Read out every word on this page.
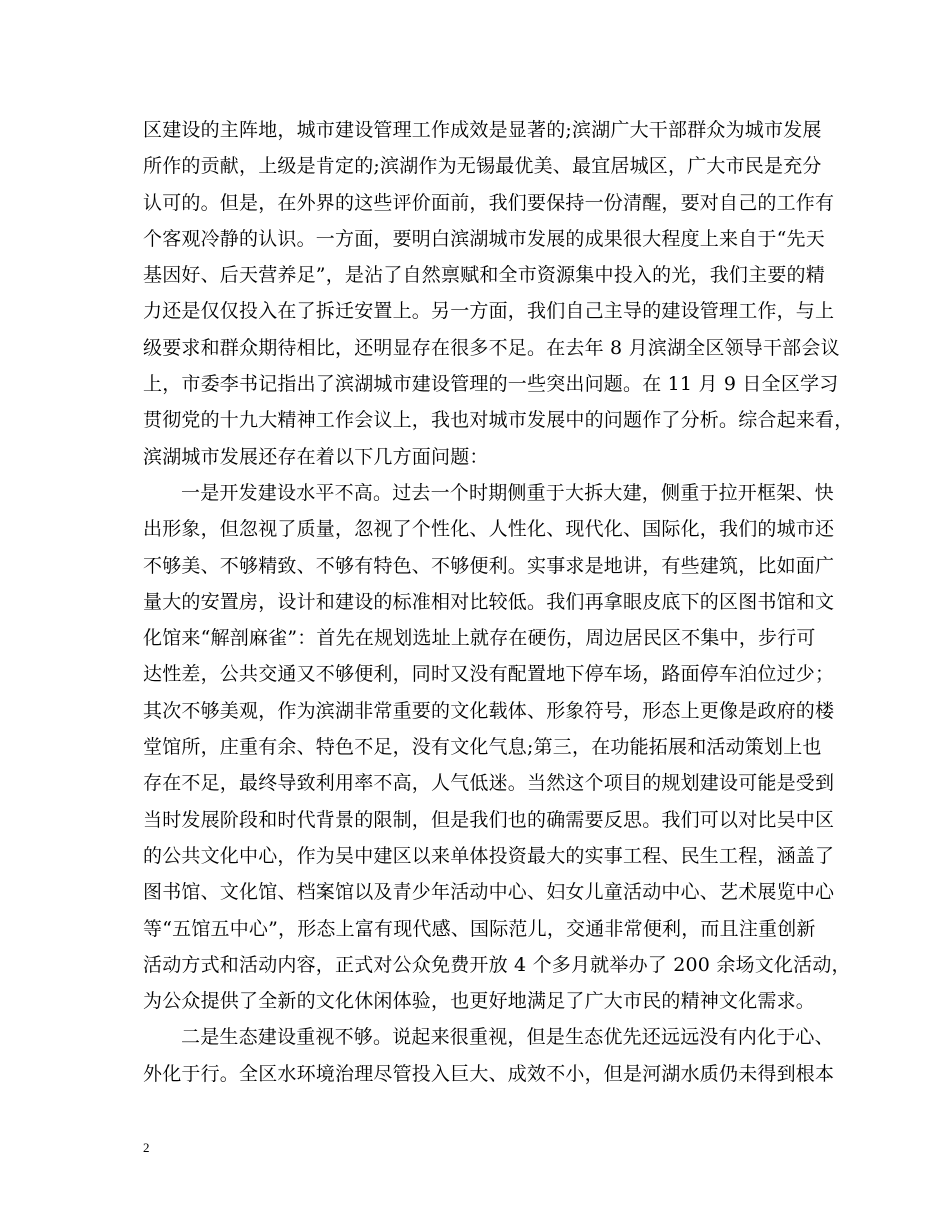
区建设的主阵地，城市建设管理工作成效是显著的;滨湖广大干部群众为城市发展
所作的贡献，上级是肯定的;滨湖作为无锡最优美、最宜居城区，广大市民是充分
认可的。但是，在外界的这些评价面前，我们要保持一份清醒，要对自己的工作有
个客观冷静的认识。一方面，要明白滨湖城市发展的成果很大程度上来自于“先天
基因好、后天营养足”，是沾了自然禀赋和全市资源集中投入的光，我们主要的精
力还是仅仅投入在了拆迁安置上。另一方面，我们自己主导的建设管理工作，与上
级要求和群众期待相比，还明显存在很多不足。在去年 8 月滨湖全区领导干部会议
上，市委李书记指出了滨湖城市建设管理的一些突出问题。在 11 月 9 日全区学习
贯彻党的十九大精神工作会议上，我也对城市发展中的问题作了分析。综合起来看，
滨湖城市发展还存在着以下几方面问题：
一是开发建设水平不高。过去一个时期侧重于大拆大建，侧重于拉开框架、快
出形象，但忽视了质量，忽视了个性化、人性化、现代化、国际化，我们的城市还
不够美、不够精致、不够有特色、不够便利。实事求是地讲，有些建筑，比如面广
量大的安置房，设计和建设的标准相对比较低。我们再拿眼皮底下的区图书馆和文
化馆来“解剖麻雀”：首先在规划选址上就存在硬伤，周边居民区不集中，步行可
达性差，公共交通又不够便利，同时又没有配置地下停车场，路面停车泊位过少；
其次不够美观，作为滨湖非常重要的文化载体、形象符号，形态上更像是政府的楼
堂馆所，庄重有余、特色不足，没有文化气息;第三，在功能拓展和活动策划上也
存在不足，最终导致利用率不高，人气低迷。当然这个项目的规划建设可能是受到
当时发展阶段和时代背景的限制，但是我们也的确需要反思。我们可以对比吴中区
的公共文化中心，作为吴中建区以来单体投资最大的实事工程、民生工程，涵盖了
图书馆、文化馆、档案馆以及青少年活动中心、妇女儿童活动中心、艺术展览中心
等“五馆五中心”，形态上富有现代感、国际范儿，交通非常便利，而且注重创新
活动方式和活动内容，正式对公众免费开放 4 个多月就举办了 200 余场文化活动，
为公众提供了全新的文化休闲体验，也更好地满足了广大市民的精神文化需求。
二是生态建设重视不够。说起来很重视，但是生态优先还远远没有内化于心、
外化于行。全区水环境治理尽管投入巨大、成效不小，但是河湖水质仍未得到根本
2
